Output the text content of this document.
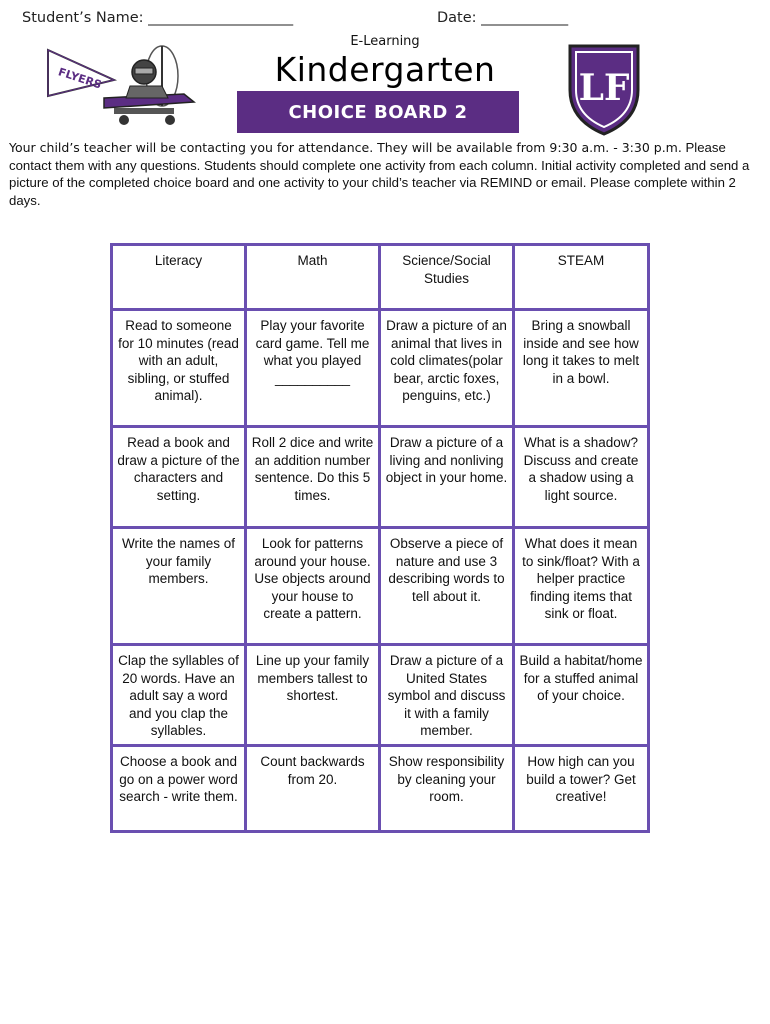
Student’s Name: ____________________	Date: ____________
FLYERS
E-Learning
Kindergarten
CHOICE BOARD 2
LF
Your child’s teacher will be contacting you for attendance. They will be available from 9:30 a.m. - 3:30 p.m. Please contact them with any questions. Students should complete one activity from each column. Initial activity completed and send a picture of the completed choice board and one activity to your child’s teacher via REMIND or email. Please complete within 2 days.
Literacy	Math	Science/Social Studies	STEAM
Read to someone for 10 minutes (read with an adult, sibling, or stuffed animal).	Play your favorite card game. Tell me what you played __________	Draw a picture of an animal that lives in cold climates(polar bear, arctic foxes, penguins, etc.)	Bring a snowball inside and see how long it takes to melt in a bowl.
Read a book and draw a picture of the characters and setting.	Roll 2 dice and write an addition number sentence. Do this 5 times.	Draw a picture of a living and nonliving object in your home.	What is a shadow? Discuss and create a shadow using a light source.
Write the names of your family members.	Look for patterns around your house. Use objects around your house to create a pattern.	Observe a piece of nature and use 3 describing words to tell about it.	What does it mean to sink/float? With a helper practice finding items that sink or float.
Clap the syllables of 20 words. Have an adult say a word and you clap the syllables.	Line up your family members tallest to shortest.	Draw a picture of a United States symbol and discuss it with a family member.	Build a habitat/home for a stuffed animal of your choice.
Choose a book and go on a power word search - write them.	Count backwards from 20.	Show responsibility by cleaning your room.	How high can you build a tower? Get creative!
